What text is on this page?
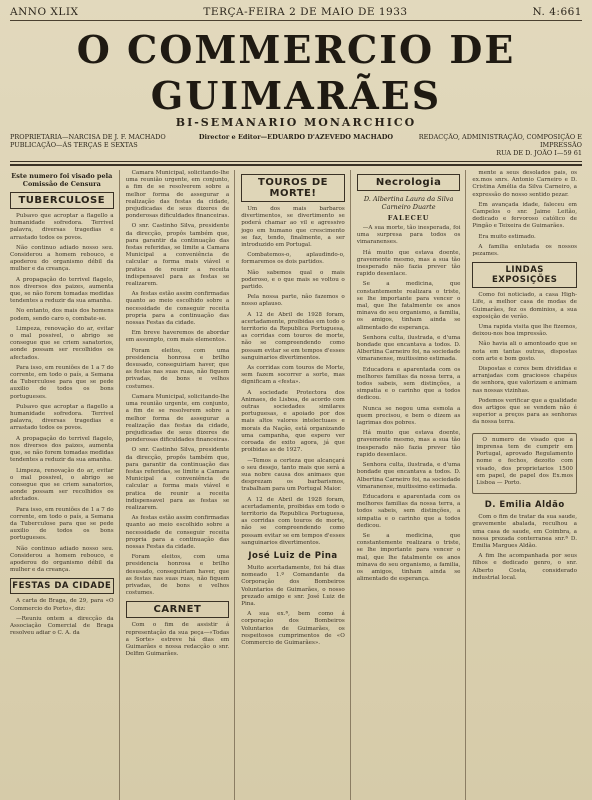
ANNO XLIX	TERÇA-FEIRA 2 DE MAIO DE 1933	N. 4:661
O COMMERCIO DE GUIMARÃES
BI-SEMANARIO MONARCHICO
PROPRIETARIA—NARCISA DE J. F. MACHADO
PUBLICAÇÃO—ÁS TERÇAS E SEXTAS
Director e Editor—EDUARDO D'AZEVEDO MACHADO	REDACÇÃO, ADMINISTRAÇÃO, COMPOSIÇÃO E IMPRESSÃO
RUA DE D. JOÃO I—59 61
Este numero foi visado pela Comissão de Censura
TUBERCULOSE

Pulsavo que acroptar a flagello a humanidade sofredora. Terrivel palavra, diversas tragedias e arrastado todos os povos.

Não continuo adiado nosso seu. Considerou a homem rebouco, e apoderou do organismo débil da mulher e da creança.

A propagação do terrivel flagelo, nos diversos dos paizes, aumenta que, se não forem tomadas medidas tendentes a reduzir da sua amanha.

No entanto, dos mais dos homens podem, sendo caro o, combate-se.

Limpeza, renovação do ar, evitar o mal possivel, o abrigo se consegue que se criem sanatorios, aonde possam ser recolhidos os afectados.

Para isso, em reuniões de 1 a 7 do corrente, em todo o país, a Semana da Tuberculose para que se pede auxilio de todos os bons portugueses.

Pulsavo que acroptar a flagello a humanidade sofredora. Terrivel palavra, diversas tragedias e arrastado todos os povos.

A propagação do terrivel flagelo, nos diversos dos paizes, aumenta que, se não forem tomadas medidas tendentes a reduzir da sua amanha.

Limpeza, renovação do ar, evitar o mal possivel, o abrigo se consegue que se criem sanatorios, aonde possam ser recolhidos os afectados.

Para isso, em reuniões de 1 a 7 do corrente, em todo o país, a Semana da Tuberculose para que se pede auxilio de todos os bons portugueses.

Não continuo adiado nosso seu. Considerou a homem rebouco, e apoderou do organismo débil da mulher e da creança.

FESTAS DA CIDADE

A carta de Braga, de 29, para «O Commercio do Porto», diz:

—Reuniu ontem a direcção da Associação Comercial de Braga resolveu adiar o C. A. da

Camara Municipal, solicitando-lhe uma reunião urgente, em conjunto, a fim de se resolverem sobre a melhor forma de assegurar a realização das festas da cidade, prejudicadas de seus dizeres de ponderosas dificuldades financeiras.

O snr. Castinho Silva, presidente da direcção, propôs também que, para garantir da continuação das festas referidas, se limite a Camara Municipal a conveniência de calcular a forma mais viável e pratica de reunir a receita indispensavel para as festas se realizarem.

As festas estão assim confirmadas quanto ao meio escolhido sobre a necessidade de conseguir receita propria para a continuação das nossas Festas da cidade.

Em breve haveremos de abordar em assumpto, com mais elementos.

Foram eleitos, com uma presidencia honrosa e brilho desusado, conseguiriam haver, que as festas nas suas ruas, não fiquem privadas, de bons e velhos costumes.

Camara Municipal, solicitando-lhe uma reunião urgente, em conjunto, a fim de se resolverem sobre a melhor forma de assegurar a realização das festas da cidade, prejudicadas de seus dizeres de ponderosas dificuldades financeiras.

O snr. Castinho Silva, presidente da direcção, propôs também que, para garantir da continuação das festas referidas, se limite a Camara Municipal a conveniência de calcular a forma mais viável e pratica de reunir a receita indispensavel para as festas se realizarem.

As festas estão assim confirmadas quanto ao meio escolhido sobre a necessidade de conseguir receita propria para a continuação das nossas Festas da cidade.

Foram eleitos, com uma presidencia honrosa e brilho desusado, conseguiriam haver, que as festas nas suas ruas, não fiquem privadas, de bons e velhos costumes.

CARNET

Com o fim de assistir á representação da sua peça—«Todas a Sorte» estreve há dias em Guimarães e nossa redacção o snr. Delfim Guimarães.

TOUROS DE MORTE!

Um dos mais barbaros divertimentos, se divertimento se poderá chamar ao vil e agressivo jogo em humano que crescimento se faz, tendo, finalmente, a ser introduzido em Portugal.

Combatemos-o, aplaudindo-o, formaremos os dois partidos.

Não sabemos qual o mais poderoso, e o que mais se voltou o partido.

Pela nossa parte, não fazemos o nosso aplauso.

A 12 de Abril de 1928 foram, acertadamente, proibidas em todo o territorio da Republica Portuguesa, as corridas com touros de morte, não se compreendendo como possam evitar se em tempos d'esses sanguinarios divertimentos.

As corridas com touros de Morte, sem fazem socorrer a sorte, mas dignificam a «festa».

A sociedade Protectora dos Animaes, de Lisboa, de acordo com outras sociedades similares portuguesas, e apoiado por dos mais altos valores intelectuaes e morais da Nação, está organizando uma campanha, que espero ver coroada de exito agora, já que proibidas as de 1927.

—Temos a certeza que alcançará o seu desejo, tanto mais que será a sua nobre causa dos animaes que desprezam os barbarismos, trabalham para um Portugal Maior.

A 12 de Abril de 1928 foram, acertadamente, proibidas em todo o territorio da Republica Portuguesa, as corridas com touros de morte, não se compreendendo como possam evitar se em tempos d'esses sanguinarios divertimentos.

José Luiz de Pina

Muito acertadamente, foi há dias nomeado 1.º Comandante da Corporação dos Bombeiros Voluntarios de Guimarães, o nosso prezado amigo e snr. José Luiz de Pina.

A sua ex.ª, bem como á corporação dos Bombeiros Voluntarios de Guimarães, os respeitosos cumprimentos de «O Commercio de Guimarães».

Necrologia
D. Albertina Laura da Silva Carneiro Duarte
FALECEU

—A sua morte, tão inesperada, foi uma surpresa para todos os vimaranenses.

Há muito que estava doente, gravemente mesmo, mas a sua tão inesperado não fazia prever tão rapido desenlace.

Se a medicina, que constantemente realizara o triste, se lhe importante para vencer o mal, que lhe fatalmente os anos minava do seu organismo, a familia, os amigos, tinham ainda se alimentado de esperança.

Senhora culta, ilustrada, e d'uma bondade que encantava a todos. D. Albertina Carneiro foi, na sociedade vimaranense, muitissimo estimada.

Educadora e aparentada com os melhores familias da nossa terra, a todos sabeis, sem distinções, a simpatia e o carinho que a todos dedicou.

Nunca se negou uma esmola a quem precisou, e bem o dizem as lagrimas dos pobres.

Há muito que estava doente, gravemente mesmo, mas a sua tão inesperado não fazia prever tão rapido desenlace.

Senhora culta, ilustrada, e d'uma bondade que encantava a todos. D. Albertina Carneiro foi, na sociedade vimaranense, muitissimo estimada.

Educadora e aparentada com os melhores familias da nossa terra, a todos sabeis, sem distinções, a simpatia e o carinho que a todos dedicou.

Se a medicina, que constantemente realizara o triste, se lhe importante para vencer o mal, que lhe fatalmente os anos minava do seu organismo, a familia, os amigos, tinham ainda se alimentado de esperança.

mente a seus desolados pais, os ex.mos snrs. Antonio Carneiro e D. Cristina Amélia da Silva Carneiro, a expressão do nosso sentido pezar.

Em avançada idade, faleceu em Campelos o snr. Jaime Leitão, dedicado e fervoroso católico de Pingão e Teixeira de Guimarães.

Era muito estimado.

A familia enlutada os nossos pezames.

LINDAS EXPOSIÇÕES

Como foi noticiado, a casa High-Life, a melhor casa de modas de Guimarães, fez os dominios, a sua exposição de verão.

Uma rapida visita que lhe fizemos, deixou-nos boa impressão.

Não havia ali o amontoado que se nota em tantas outras, dispostas com arte e bom gosto.

Dispostas e cores bem divididas e arranjadas com graciosos chapéus de senhora, que valorizam e animam nas nossas vizinhas.

Podemos verificar que a qualidade dos artigos que se vendem não é superior a preços para as senhoras da nossa terra.

O numero de visado que a imprensa tem de cumprir em Portugal, aprovado Regulamento nome e fechos, dezoito com visado, dos proprietarios 1500 em papel, de papel dos Ex.mos Lisboa — Porto.

D. Emilia Aldão

Com o fim de tratar da sua saude, gravemente abalada, reculhou a uma casa de saude, em Coimbra, a nossa prezada conterranea snr.ª D. Emilia Margues Aldão.

A fim lhe acompanhada por seus filhos e dedicado genro, o snr. Alberto Costa, considerado industrial local.
